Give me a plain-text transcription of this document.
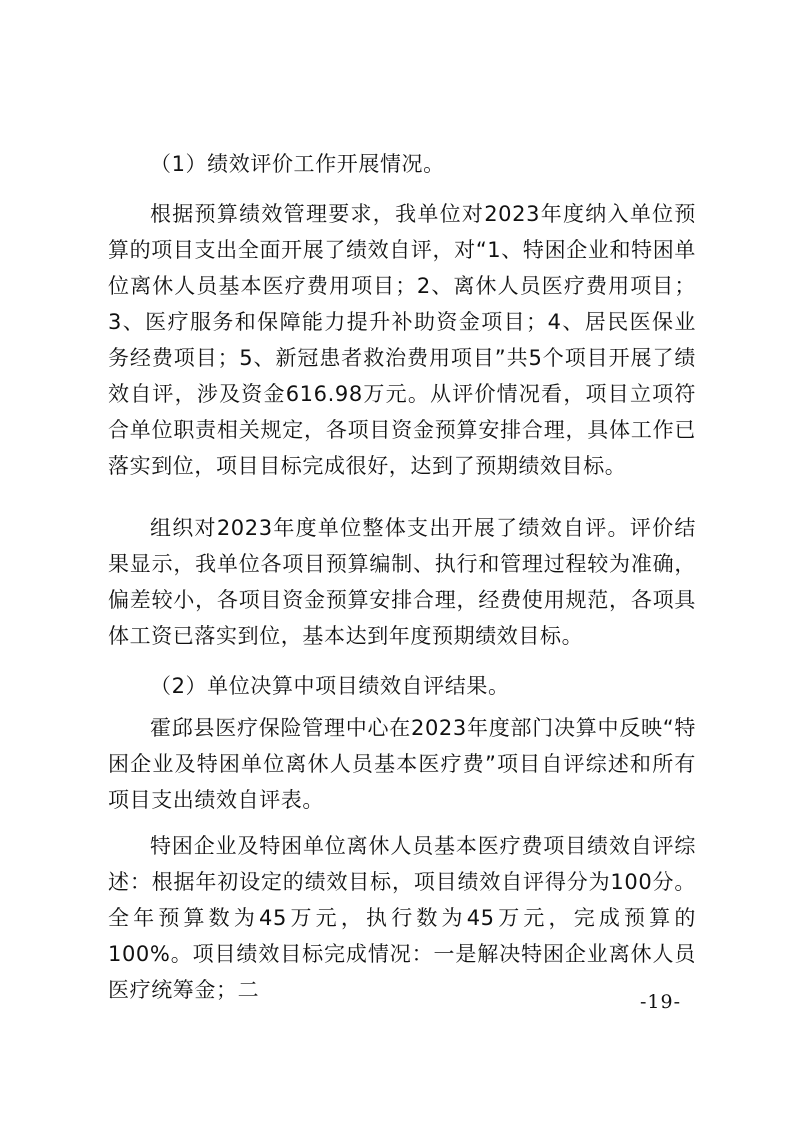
（1）绩效评价工作开展情况。

根据预算绩效管理要求，我单位对2023年度纳入单位预算的项目支出全面开展了绩效自评，对“1、特困企业和特困单位离休人员基本医疗费用项目；2、离休人员医疗费用项目；3、医疗服务和保障能力提升补助资金项目；4、居民医保业务经费项目；5、新冠患者救治费用项目”共5个项目开展了绩效自评，涉及资金616.98万元。从评价情况看，项目立项符合单位职责相关规定，各项目资金预算安排合理，具体工作已落实到位，项目目标完成很好，达到了预期绩效目标。

组织对2023年度单位整体支出开展了绩效自评。评价结果显示，我单位各项目预算编制、执行和管理过程较为准确，偏差较小，各项目资金预算安排合理，经费使用规范，各项具体工资已落实到位，基本达到年度预期绩效目标。

（2）单位决算中项目绩效自评结果。

霍邱县医疗保险管理中心在2023年度部门决算中反映“特困企业及特困单位离休人员基本医疗费”项目自评综述和所有项目支出绩效自评表。

特困企业及特困单位离休人员基本医疗费项目绩效自评综述：根据年初设定的绩效目标，项目绩效自评得分为100分。全年预算数为45万元，执行数为45万元，完成预算的100%。项目绩效目标完成情况：一是解决特困企业离休人员医疗统筹金；二	-19-
